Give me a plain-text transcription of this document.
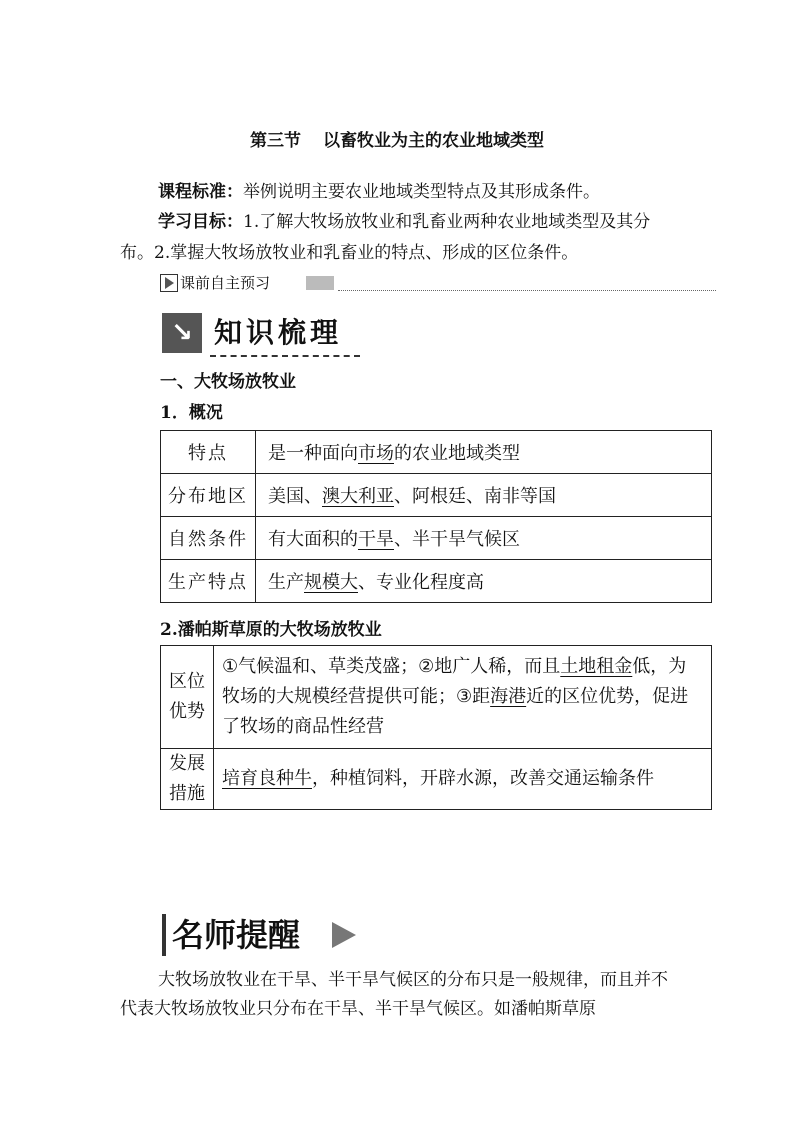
第三节 以畜牧业为主的农业地域类型
课程标准：举例说明主要农业地域类型特点及其形成条件。
学习目标：1.了解大牧场放牧业和乳畜业两种农业地域类型及其分布。2.掌握大牧场放牧业和乳畜业的特点、形成的区位条件。
课前自主预习
↘ 知识梳理
一、大牧场放牧业
1．概况
特点	是一种面向市场的农业地域类型
分布地区	美国、澳大利亚、阿根廷、南非等国
自然条件	有大面积的干旱、半干旱气候区
生产特点	生产规模大、专业化程度高
2.潘帕斯草原的大牧场放牧业
区位优势	①气候温和、草类茂盛；②地广人稀，而且土地租金低，为牧场的大规模经营提供可能；③距海港近的区位优势，促进了牧场的商品性经营
发展措施	培育良种牛，种植饲料，开辟水源，改善交通运输条件
名师提醒
大牧场放牧业在干旱、半干旱气候区的分布只是一般规律，而且并不代表大牧场放牧业只分布在干旱、半干旱气候区。如潘帕斯草原
